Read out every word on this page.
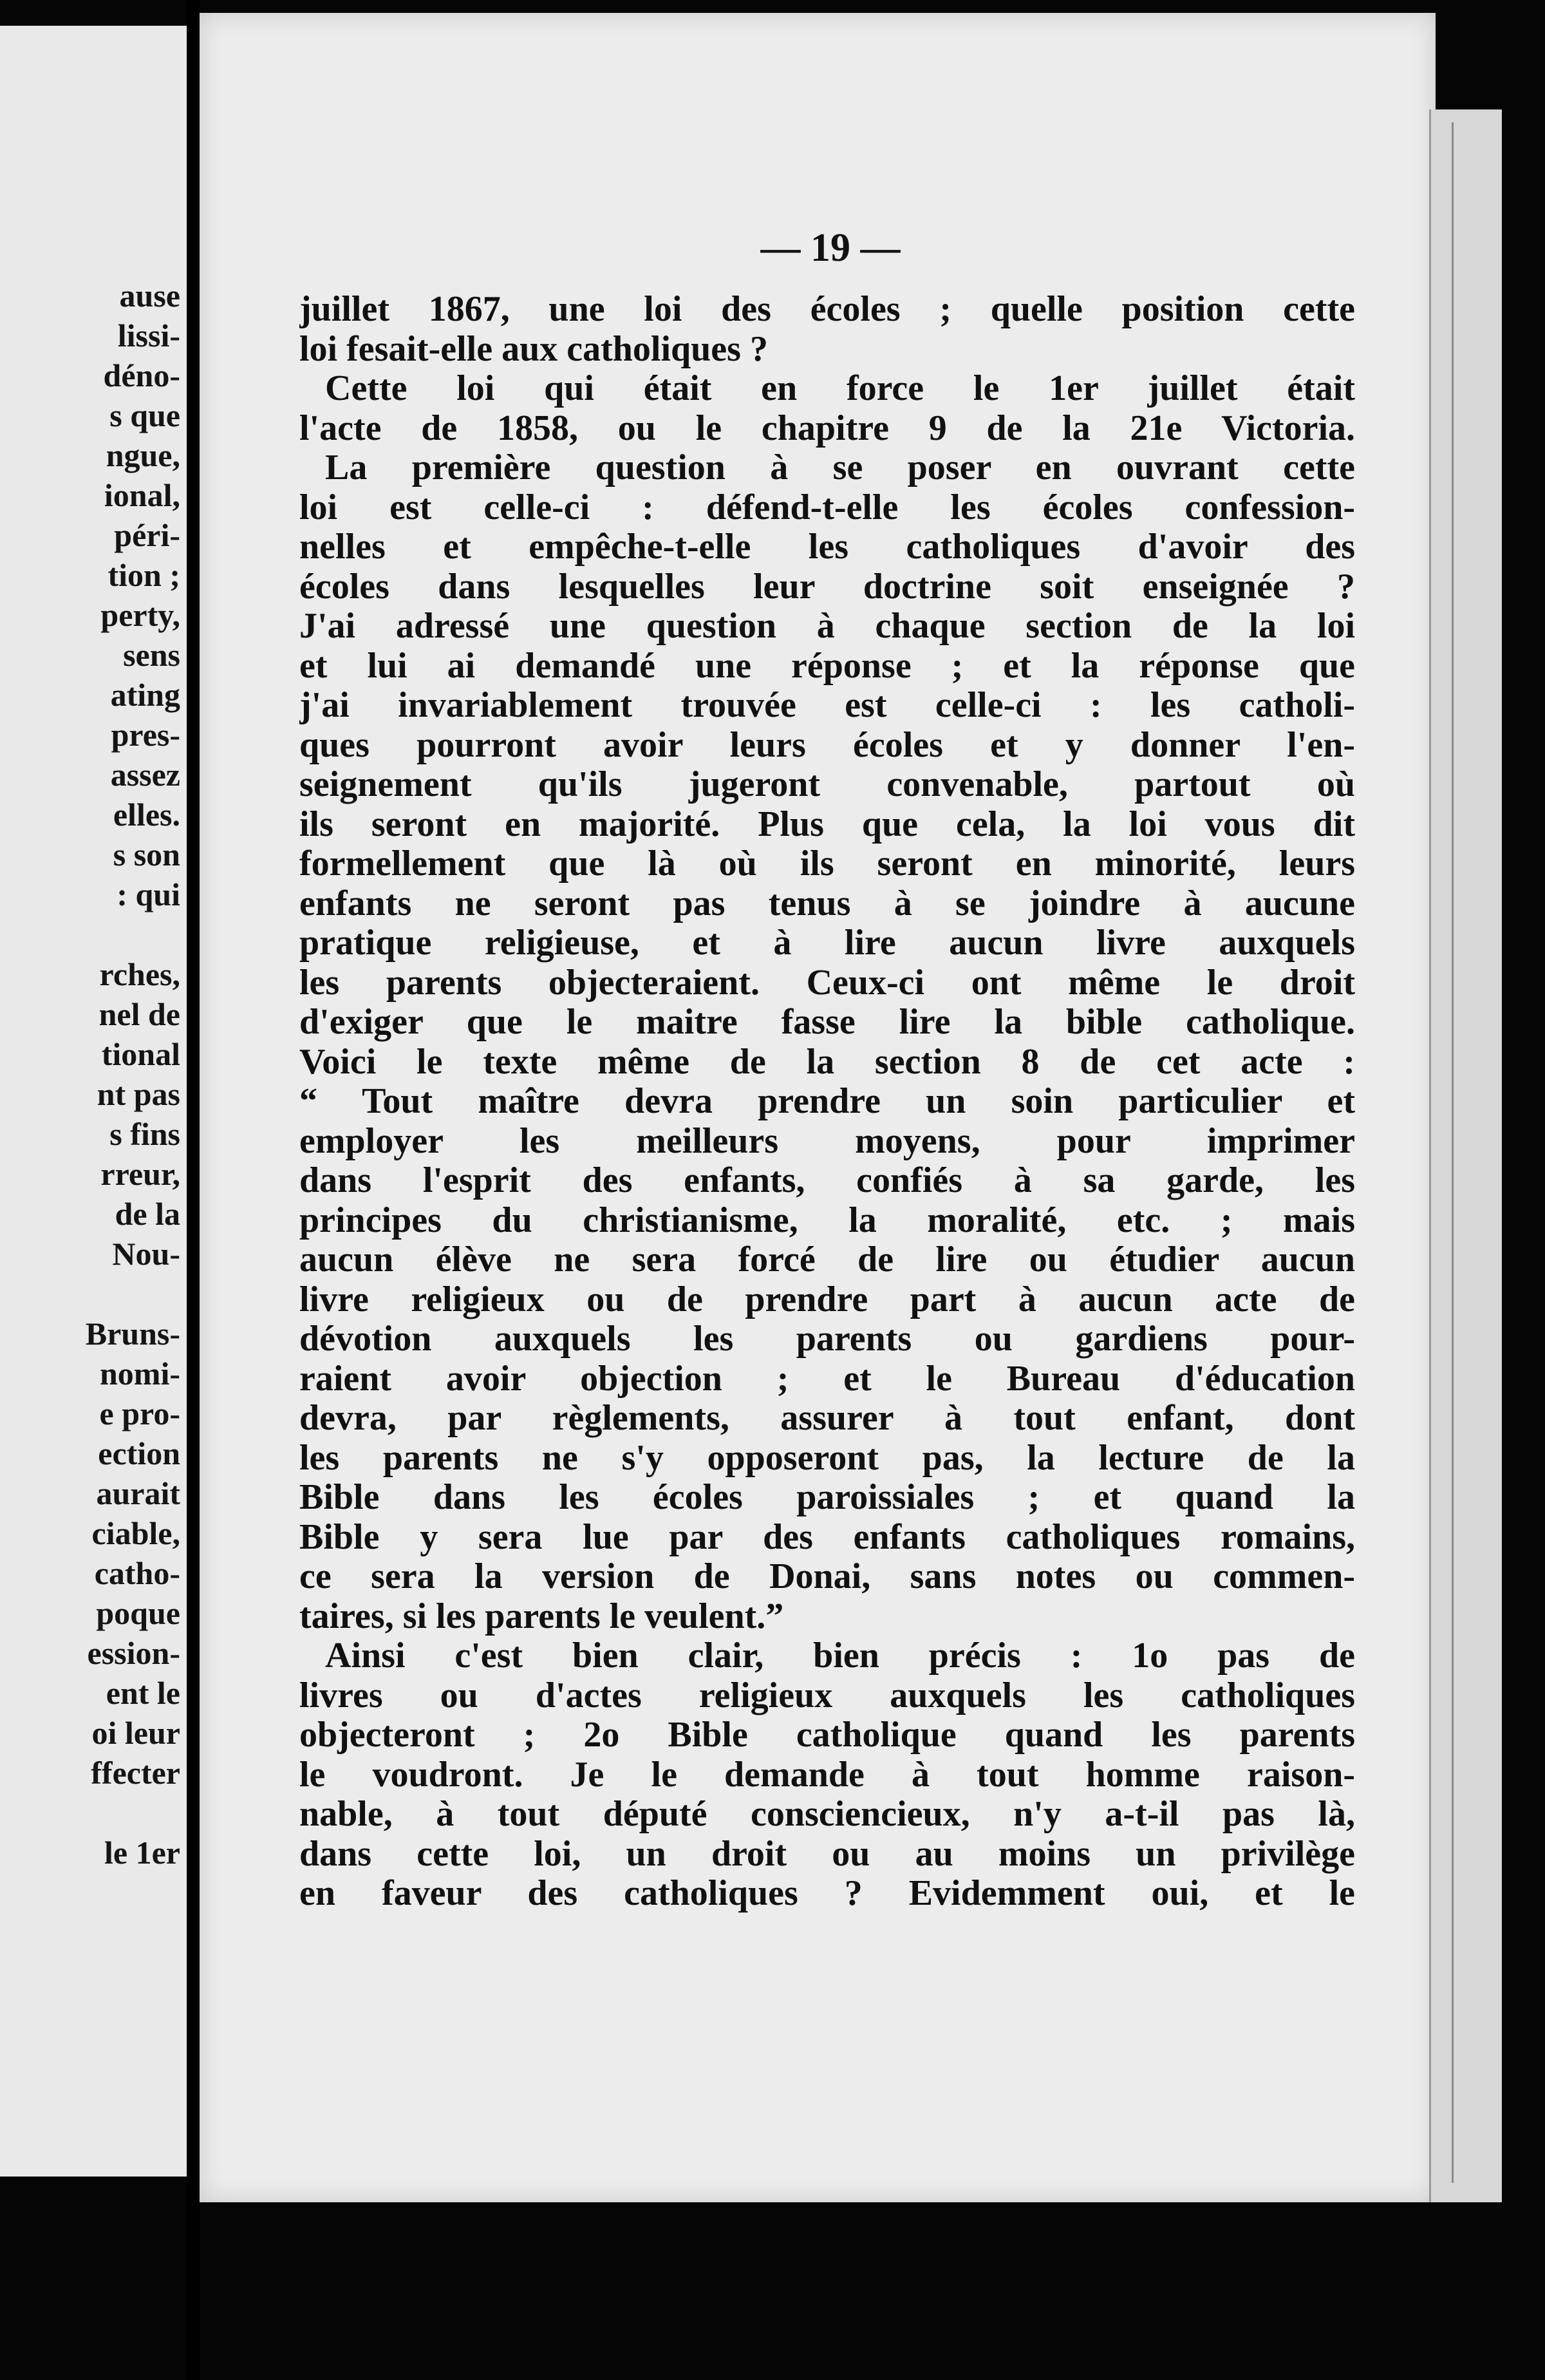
ause
lissi-
déno-
s que
ngue,
ional,
péri-
tion ;
perty,
sens
ating
pres-
assez
elles.
s son
: qui
rches,
nel de
tional
nt pas
s fins
rreur,
de la
Nou-
Bruns-
nomi-
e pro-
ection
aurait
ciable,
catho-
poque
ession-
ent le
oi leur
ffecter
le 1er
— 19 —
juillet 1867, une loi des écoles ; quelle position cette
loi fesait-elle aux catholiques ?
Cette loi qui était en force le 1er juillet était
l'acte de 1858, ou le chapitre 9 de la 21e Victoria.
La première question à se poser en ouvrant cette
loi est celle-ci : défend-t-elle les écoles confession-
nelles et empêche-t-elle les catholiques d'avoir des
écoles dans lesquelles leur doctrine soit enseignée ?
J'ai adressé une question à chaque section de la loi
et lui ai demandé une réponse ; et la réponse que
j'ai invariablement trouvée est celle-ci : les catholi-
ques pourront avoir leurs écoles et y donner l'en-
seignement qu'ils jugeront convenable, partout où
ils seront en majorité. Plus que cela, la loi vous dit
formellement que là où ils seront en minorité, leurs
enfants ne seront pas tenus à se joindre à aucune
pratique religieuse, et à lire aucun livre auxquels
les parents objecteraient. Ceux-ci ont même le droit
d'exiger que le maitre fasse lire la bible catholique.
Voici le texte même de la section 8 de cet acte :
“ Tout maître devra prendre un soin particulier et
employer les meilleurs moyens, pour imprimer
dans l'esprit des enfants, confiés à sa garde, les
principes du christianisme, la moralité, etc. ; mais
aucun élève ne sera forcé de lire ou étudier aucun
livre religieux ou de prendre part à aucun acte de
dévotion auxquels les parents ou gardiens pour-
raient avoir objection ; et le Bureau d'éducation
devra, par règlements, assurer à tout enfant, dont
les parents ne s'y opposeront pas, la lecture de la
Bible dans les écoles paroissiales ; et quand la
Bible y sera lue par des enfants catholiques romains,
ce sera la version de Donai, sans notes ou commen-
taires, si les parents le veulent.”
Ainsi c'est bien clair, bien précis : 1o pas de
livres ou d'actes religieux auxquels les catholiques
objecteront ; 2o Bible catholique quand les parents
le voudront. Je le demande à tout homme raison-
nable, à tout député consciencieux, n'y a-t-il pas là,
dans cette loi, un droit ou au moins un privilège
en faveur des catholiques ? Evidemment oui, et le
